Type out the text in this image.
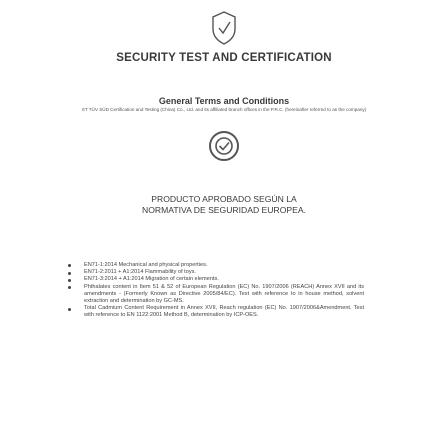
SECURITY TEST AND CERTIFICATION
General Terms and Conditions
ST TÜV SÜD Certification and Testing (China) Co., Ltd. and its affiliated branch offices in the P.R.C. (hereinafter referred to as the company)
PRODUCTO APROBADO SEGÚN LA
NORMATIVA DE SEGURIDAD EUROPEA.
EN71-1:2014 Mechanical and physical properties.
EN71-2:2011 + A1:2014 Flammability of toys.
EN71-3:2014 + A1:2014 Migration of certain elements.
Phthalates content in Item 51 & 52 of European Regulation (EC) No. 1907/2006 (REACH) Annex XVII and its amendments - (Formerly Known as Directive 2005/84/EC). Test with reference to in house method, solvent extraction and determination by GC-MS.
Total Cadmium Content Requirement in Annex XVII, Reach regulation (EC) No. 1907/2006&Amendment. Test with reference to EN 1122:2001 Method B, determination by ICP-OES.
